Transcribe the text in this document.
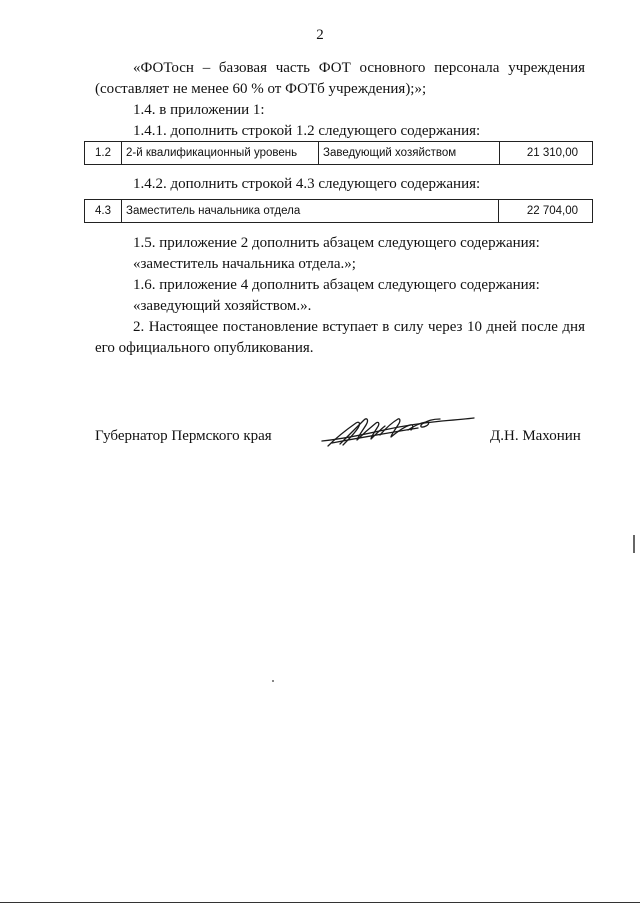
2
«ФОТосн – базовая часть ФОТ основного персонала учреждения
(составляет не менее 60 % от ФОТб учреждения);»;
1.4. в приложении 1:
1.4.1. дополнить строкой 1.2 следующего содержания:
1.2	2-й квалификационный уровень	Заведующий хозяйством	21 310,00
1.4.2. дополнить строкой 4.3 следующего содержания:
4.3	Заместитель начальника отдела	22 704,00
1.5. приложение 2 дополнить абзацем следующего содержания:
«заместитель начальника отдела.»;
1.6. приложение 4 дополнить абзацем следующего содержания:
«заведующий хозяйством.».
2. Настоящее постановление вступает в силу через 10 дней после дня
его официального опубликования.
Губернатор Пермского края	Д.Н. Махонин
